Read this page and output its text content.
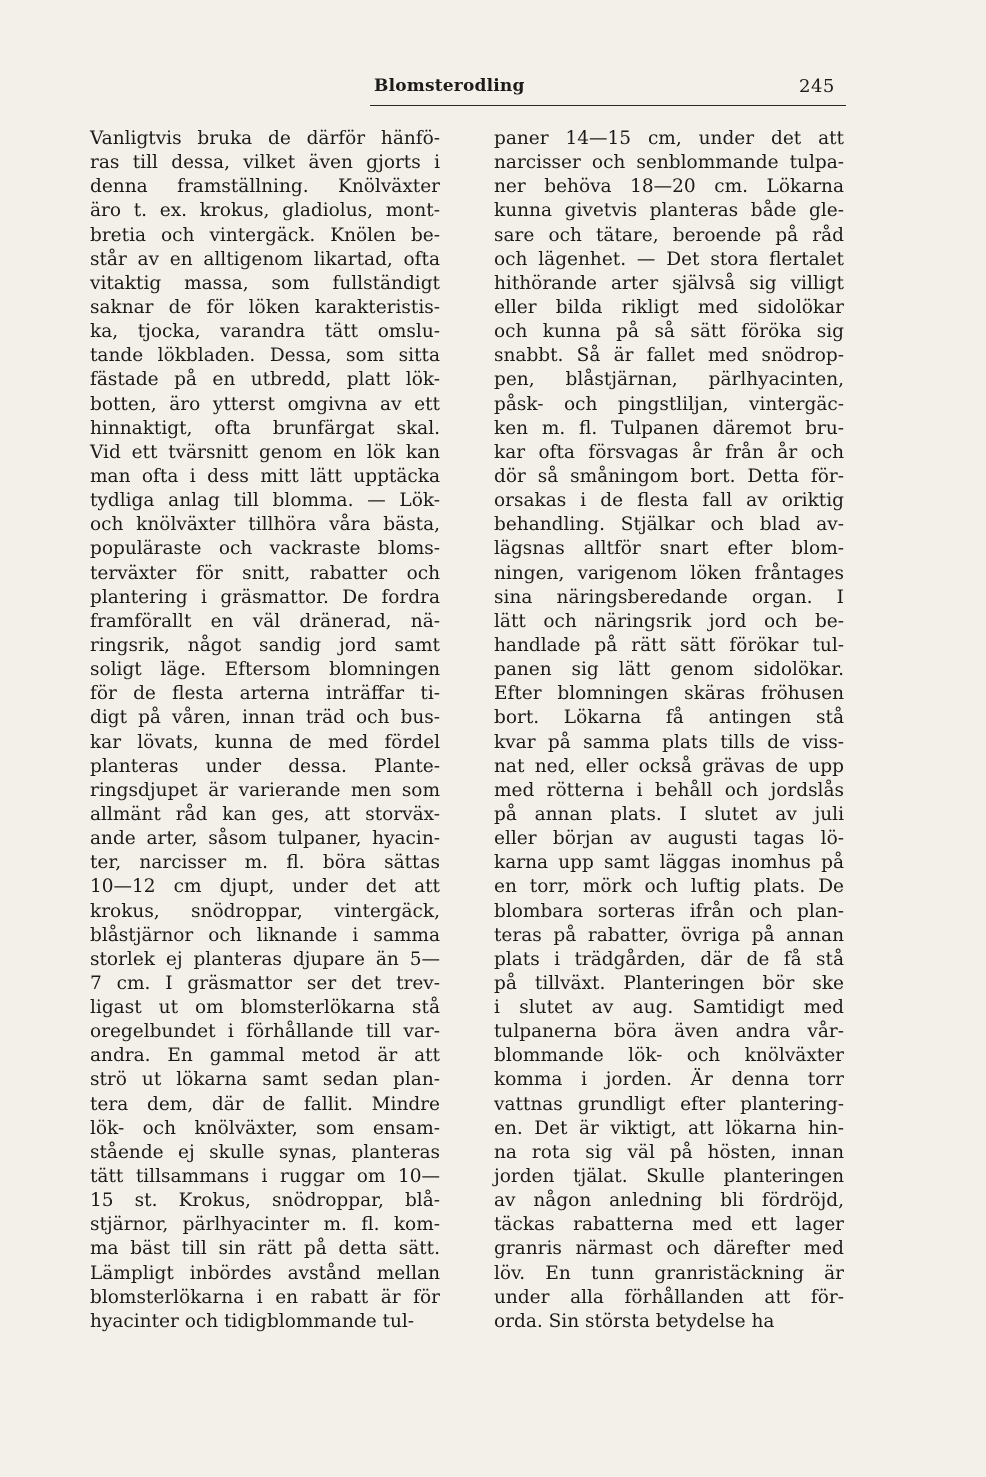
Blomsterodling	245
Vanligtvis bruka de därför hänfö-
ras till dessa, vilket även gjorts i
denna framställning. Knölväxter
äro t. ex. krokus, gladiolus, mont-
bretia och vintergäck. Knölen be-
står av en alltigenom likartad, ofta
vitaktig massa, som fullständigt
saknar de för löken karakteristis-
ka, tjocka, varandra tätt omslu-
tande lökbladen. Dessa, som sitta
fästade på en utbredd, platt lök-
botten, äro ytterst omgivna av ett
hinnaktigt, ofta brunfärgat skal.
Vid ett tvärsnitt genom en lök kan
man ofta i dess mitt lätt upptäcka
tydliga anlag till blomma. — Lök-
och knölväxter tillhöra våra bästa,
populäraste och vackraste bloms-
terväxter för snitt, rabatter och
plantering i gräsmattor. De fordra
framförallt en väl dränerad, nä-
ringsrik, något sandig jord samt
soligt läge. Eftersom blomningen
för de flesta arterna inträffar ti-
digt på våren, innan träd och bus-
kar lövats, kunna de med fördel
planteras under dessa. Plante-
ringsdjupet är varierande men som
allmänt råd kan ges, att storväx-
ande arter, såsom tulpaner, hyacin-
ter, narcisser m. fl. böra sättas
10—12 cm djupt, under det att
krokus, snödroppar, vintergäck,
blåstjärnor och liknande i samma
storlek ej planteras djupare än 5—
7 cm. I gräsmattor ser det trev-
ligast ut om blomsterlökarna stå
oregelbundet i förhållande till var-
andra. En gammal metod är att
strö ut lökarna samt sedan plan-
tera dem, där de fallit. Mindre
lök- och knölväxter, som ensam-
stående ej skulle synas, planteras
tätt tillsammans i ruggar om 10—
15 st. Krokus, snödroppar, blå-
stjärnor, pärlhyacinter m. fl. kom-
ma bäst till sin rätt på detta sätt.
Lämpligt inbördes avstånd mellan
blomsterlökarna i en rabatt är för
hyacinter och tidigblommande tul-
paner 14—15 cm, under det att
narcisser och senblommande tulpa-
ner behöva 18—20 cm. Lökarna
kunna givetvis planteras både gle-
sare och tätare, beroende på råd
och lägenhet. — Det stora flertalet
hithörande arter självså sig villigt
eller bilda rikligt med sidolökar
och kunna på så sätt föröka sig
snabbt. Så är fallet med snödrop-
pen, blåstjärnan, pärlhyacinten,
påsk- och pingstliljan, vintergäc-
ken m. fl. Tulpanen däremot bru-
kar ofta försvagas år från år och
dör så småningom bort. Detta för-
orsakas i de flesta fall av oriktig
behandling. Stjälkar och blad av-
lägsnas alltför snart efter blom-
ningen, varigenom löken fråntages
sina näringsberedande organ. I
lätt och näringsrik jord och be-
handlade på rätt sätt förökar tul-
panen sig lätt genom sidolökar.
Efter blomningen skäras fröhusen
bort. Lökarna få antingen stå
kvar på samma plats tills de viss-
nat ned, eller också grävas de upp
med rötterna i behåll och jordslås
på annan plats. I slutet av juli
eller början av augusti tagas lö-
karna upp samt läggas inomhus på
en torr, mörk och luftig plats. De
blombara sorteras ifrån och plan-
teras på rabatter, övriga på annan
plats i trädgården, där de få stå
på tillväxt. Planteringen bör ske
i slutet av aug. Samtidigt med
tulpanerna böra även andra vår-
blommande lök- och knölväxter
komma i jorden. Är denna torr
vattnas grundligt efter plantering-
en. Det är viktigt, att lökarna hin-
na rota sig väl på hösten, innan
jorden tjälat. Skulle planteringen
av någon anledning bli fördröjd,
täckas rabatterna med ett lager
granris närmast och därefter med
löv. En tunn granristäckning är
under alla förhållanden att för-
orda. Sin största betydelse ha
